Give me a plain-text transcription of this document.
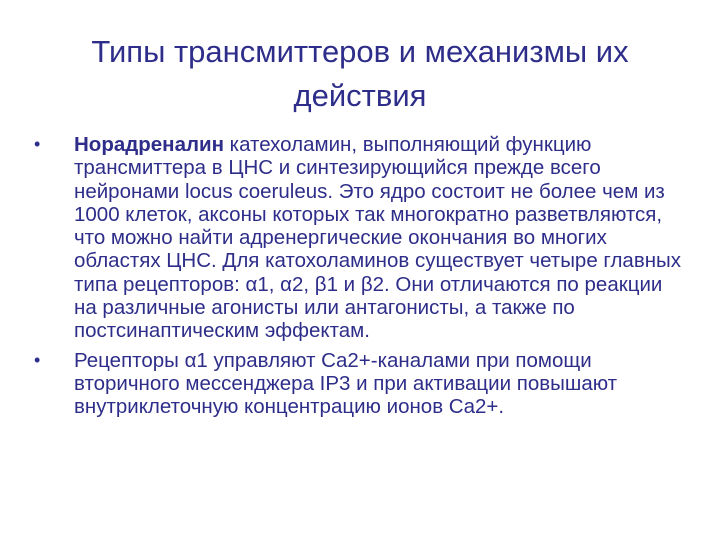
Типы трансмиттеров и механизмы их действия
• Норадреналин катехоламин, выполняющий функцию трансмиттера в ЦНС и синтезирующийся прежде всего нейронами locus coeruleus. Это ядро состоит не более чем из 1000 клеток, аксоны которых так многократно разветвляются, что можно найти адренергические окончания во многих областях ЦНС. Для катохоламинов существует четыре главных типа рецепторов: α1, α2, β1 и β2. Они отличаются по реакции на различные агонисты или антагонисты, а также по постсинаптическим эффектам.
• Рецепторы α1 управляют Ca2+-каналами при помощи вторичного мессенджера IP3 и при активации повышают внутриклеточную концентрацию ионов Ca2+.
